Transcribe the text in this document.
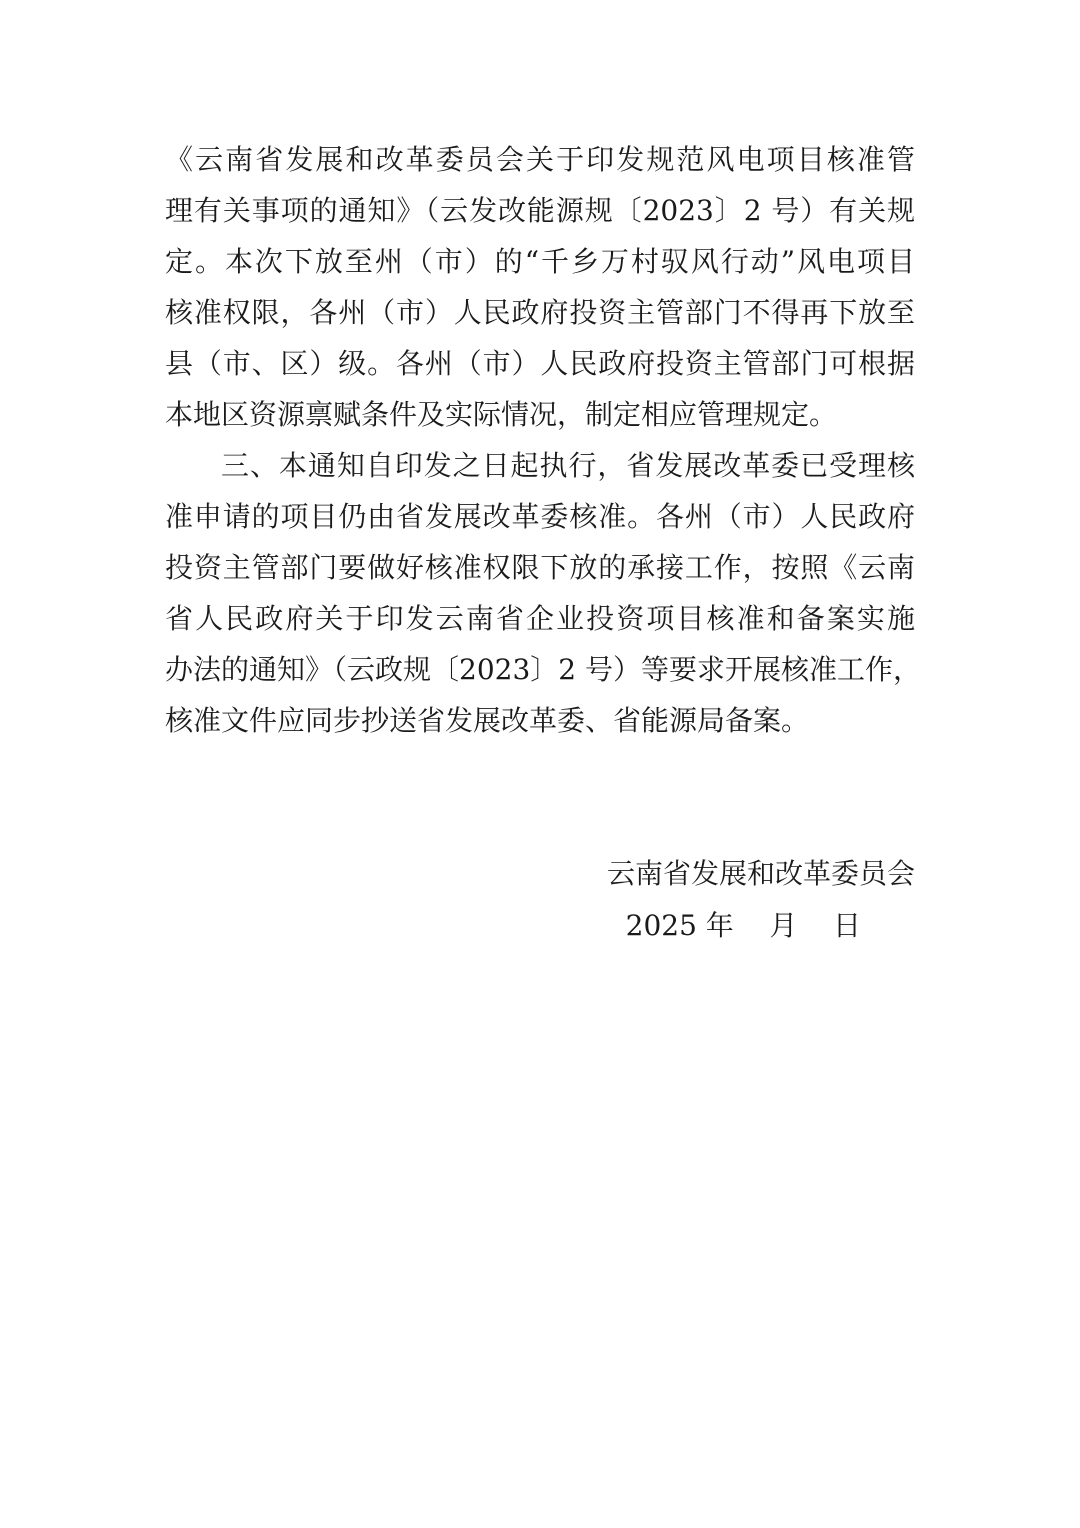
《云南省发展和改革委员会关于印发规范风电项目核准管
理有关事项的通知》（云发改能源规〔2023〕2 号）有关规
定。本次下放至州（市）的“千乡万村驭风行动”风电项目
核准权限，各州（市）人民政府投资主管部门不得再下放至
县（市、区）级。各州（市）人民政府投资主管部门可根据
本地区资源禀赋条件及实际情况，制定相应管理规定。
三、本通知自印发之日起执行，省发展改革委已受理核
准申请的项目仍由省发展改革委核准。各州（市）人民政府
投资主管部门要做好核准权限下放的承接工作，按照《云南
省人民政府关于印发云南省企业投资项目核准和备案实施
办法的通知》（云政规〔2023〕2 号）等要求开展核准工作，
核准文件应同步抄送省发展改革委、省能源局备案。
云南省发展和改革委员会
2025 年    月    日
